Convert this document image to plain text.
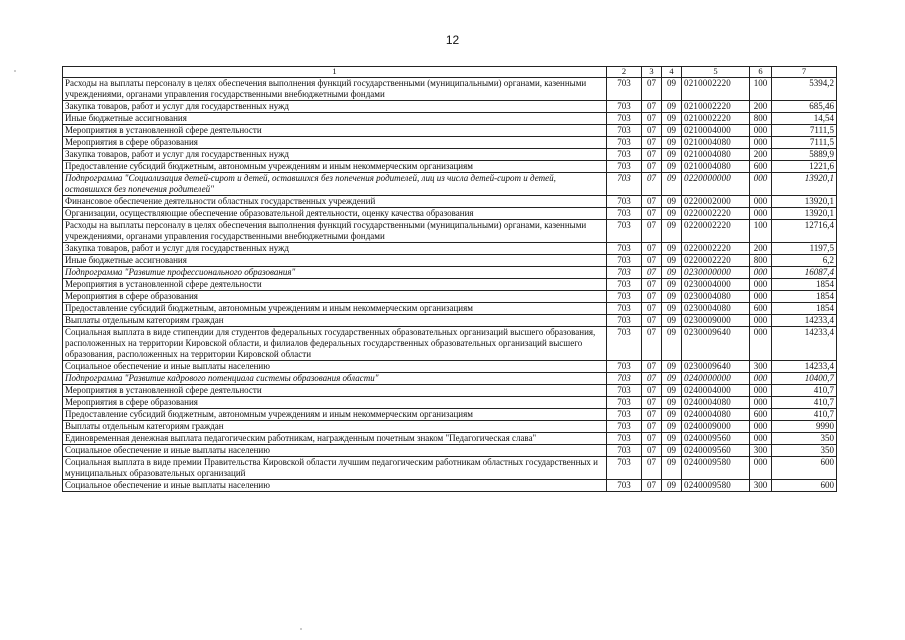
12
1	2	3	4	5	6	7
Расходы на выплаты персоналу в целях обеспечения выполнения функций государственными (муниципальными) органами, казенными учреждениями, органами управления государственными внебюджетными фондами	703	07	09	0210002220	100	5394,2
Закупка товаров, работ и услуг для государственных нужд	703	07	09	0210002220	200	685,46
Иные бюджетные ассигнования	703	07	09	0210002220	800	14,54
Мероприятия в установленной сфере деятельности	703	07	09	0210004000	000	7111,5
Мероприятия в сфере образования	703	07	09	0210004080	000	7111,5
Закупка товаров, работ и услуг для государственных нужд	703	07	09	0210004080	200	5889,9
Предоставление субсидий бюджетным, автономным учреждениям и иным некоммерческим организациям	703	07	09	0210004080	600	1221,6
Подпрограмма "Социализация детей-сирот и детей, оставшихся без попечения родителей, лиц из числа детей-сирот и детей, оставшихся без попечения родителей"	703	07	09	0220000000	000	13920,1
Финансовое обеспечение деятельности областных государственных учреждений	703	07	09	0220002000	000	13920,1
Организации, осуществляющие обеспечение образовательной деятельности, оценку качества образования	703	07	09	0220002220	000	13920,1
Расходы на выплаты персоналу в целях обеспечения выполнения функций государственными (муниципальными) органами, казенными учреждениями, органами управления государственными внебюджетными фондами	703	07	09	0220002220	100	12716,4
Закупка товаров, работ и услуг для государственных нужд	703	07	09	0220002220	200	1197,5
Иные бюджетные ассигнования	703	07	09	0220002220	800	6,2
Подпрограмма "Развитие профессионального образования"	703	07	09	0230000000	000	16087,4
Мероприятия в установленной сфере деятельности	703	07	09	0230004000	000	1854
Мероприятия в сфере образования	703	07	09	0230004080	000	1854
Предоставление субсидий бюджетным, автономным учреждениям и иным некоммерческим организациям	703	07	09	0230004080	600	1854
Выплаты отдельным категориям граждан	703	07	09	0230009000	000	14233,4
Социальная выплата в виде стипендии для студентов федеральных государственных образовательных организаций высшего образования, расположенных на территории Кировской области, и филиалов федеральных государственных образовательных организаций высшего образования, расположенных на территории Кировской области	703	07	09	0230009640	000	14233,4
Социальное обеспечение и иные выплаты населению	703	07	09	0230009640	300	14233,4
Подпрограмма "Развитие кадрового потенциала системы образования области"	703	07	09	0240000000	000	10400,7
Мероприятия в установленной сфере деятельности	703	07	09	0240004000	000	410,7
Мероприятия в сфере образования	703	07	09	0240004080	000	410,7
Предоставление субсидий бюджетным, автономным учреждениям и иным некоммерческим организациям	703	07	09	0240004080	600	410,7
Выплаты отдельным категориям граждан	703	07	09	0240009000	000	9990
Единовременная денежная выплата педагогическим работникам, награжденным почетным знаком "Педагогическая слава"	703	07	09	0240009560	000	350
Социальное обеспечение и иные выплаты населению	703	07	09	0240009560	300	350
Социальная выплата в виде премии Правительства Кировской области лучшим педагогическим работникам областных государственных и муниципальных образовательных организаций	703	07	09	0240009580	000	600
Социальное обеспечение и иные выплаты населению	703	07	09	0240009580	300	600
